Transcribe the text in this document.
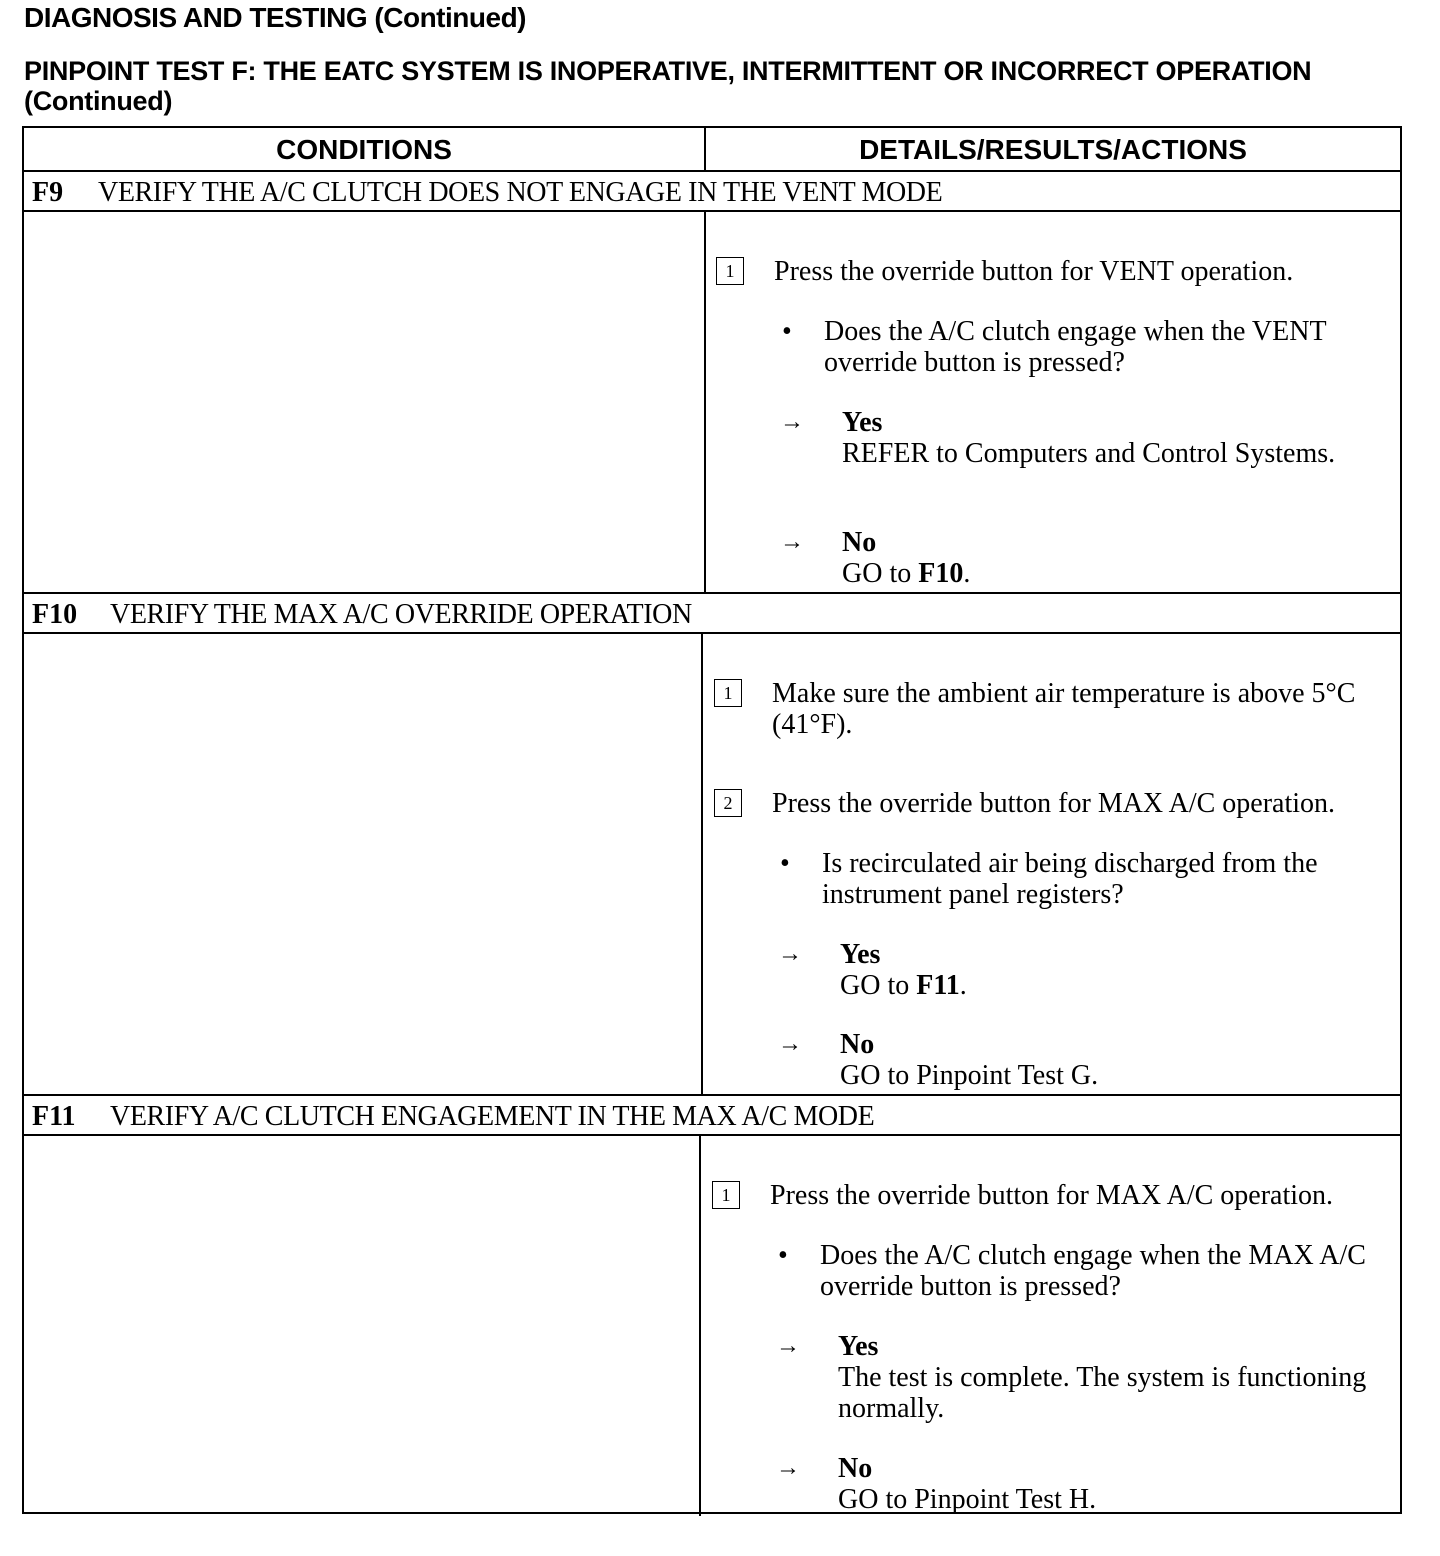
DIAGNOSIS AND TESTING (Continued)
PINPOINT TEST F: THE EATC SYSTEM IS INOPERATIVE, INTERMITTENT OR INCORRECT OPERATION (Continued)
CONDITIONS	DETAILS/RESULTS/ACTIONS
F9 VERIFY THE A/C CLUTCH DOES NOT ENGAGE IN THE VENT MODE
1	Press the override button for VENT operation.
• Does the A/C clutch engage when the VENT override button is pressed?
→ Yes
REFER to Computers and Control Systems.
→ No
GO to F10.
F10 VERIFY THE MAX A/C OVERRIDE OPERATION
1	Make sure the ambient air temperature is above 5°C (41°F).
2	Press the override button for MAX A/C operation.
• Is recirculated air being discharged from the instrument panel registers?
→ Yes
GO to F11.
→ No
GO to Pinpoint Test G.
F11 VERIFY A/C CLUTCH ENGAGEMENT IN THE MAX A/C MODE
1	Press the override button for MAX A/C operation.
• Does the A/C clutch engage when the MAX A/C override button is pressed?
→ Yes
The test is complete. The system is functioning normally.
→ No
GO to Pinpoint Test H.
